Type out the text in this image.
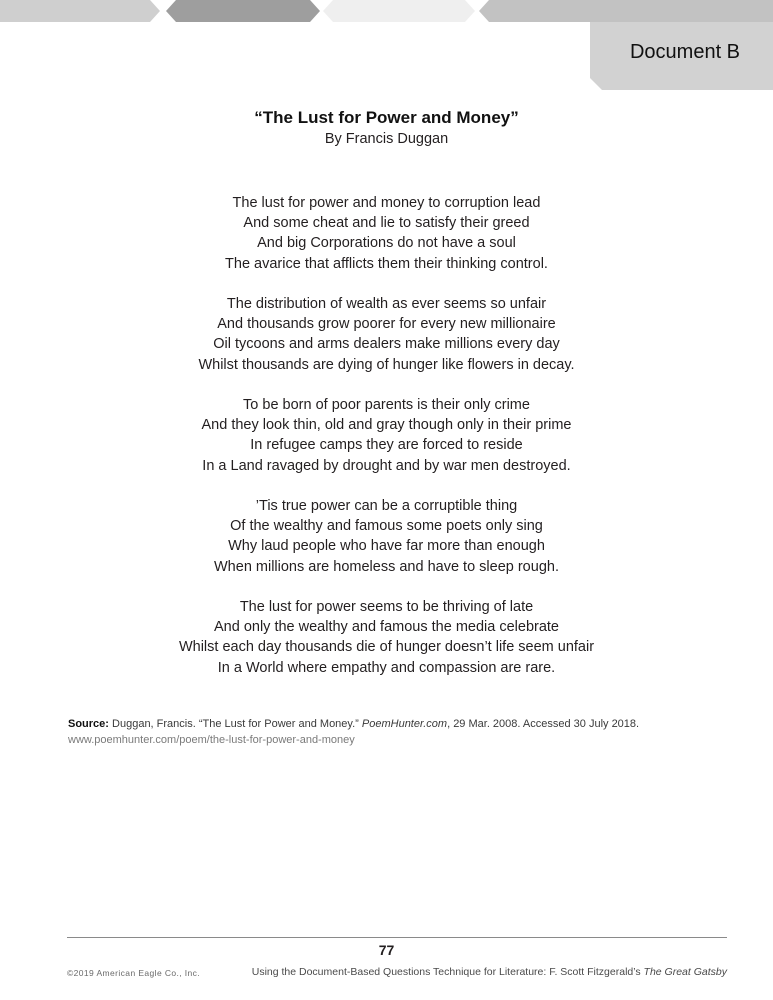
Document B
“The Lust for Power and Money”
By Francis Duggan
The lust for power and money to corruption lead
And some cheat and lie to satisfy their greed
And big Corporations do not have a soul
The avarice that afflicts them their thinking control.
The distribution of wealth as ever seems so unfair
And thousands grow poorer for every new millionaire
Oil tycoons and arms dealers make millions every day
Whilst thousands are dying of hunger like flowers in decay.
To be born of poor parents is their only crime
And they look thin, old and gray though only in their prime
In refugee camps they are forced to reside
In a Land ravaged by drought and by war men destroyed.
’Tis true power can be a corruptible thing
Of the wealthy and famous some poets only sing
Why laud people who have far more than enough
When millions are homeless and have to sleep rough.
The lust for power seems to be thriving of late
And only the wealthy and famous the media celebrate
Whilst each day thousands die of hunger doesn’t life seem unfair
In a World where empathy and compassion are rare.
Source: Duggan, Francis. “The Lust for Power and Money.” PoemHunter.com, 29 Mar. 2008. Accessed 30 July 2018. www.poemhunter.com/poem/the-lust-for-power-and-money
77
©2019 American Eagle Co., Inc.	Using the Document-Based Questions Technique for Literature: F. Scott Fitzgerald’s The Great Gatsby
